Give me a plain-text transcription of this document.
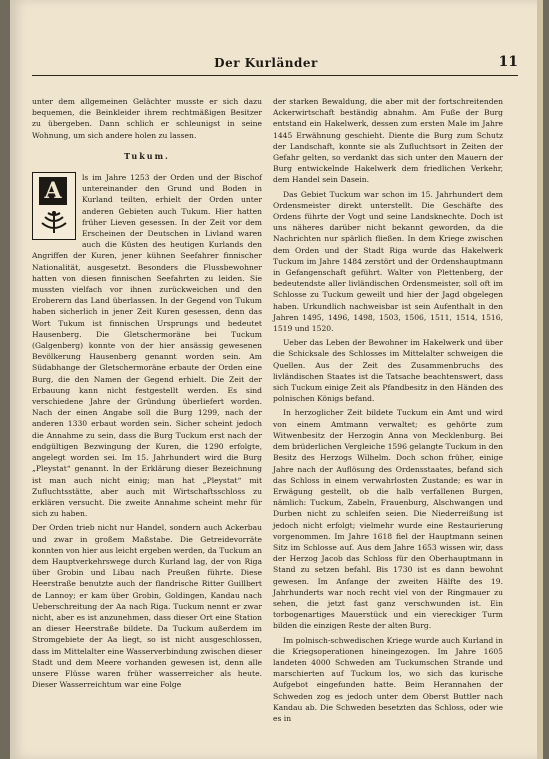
Der Kurländer	11

unter dem allgemeinen Gelächter musste er sich dazu bequemen, die Beinkleider ihrem rechtmäßigen Besitzer zu übergeben. Dann schlich er schleunigst in seine Wohnung, um sich andere holen zu lassen.

Tukum.
A

ls im Jahre 1253 der Orden und der Bischof untereinander den Grund und Boden in Kurland teilten, erhielt der Orden unter anderen Gebieten auch Tukum. Hier hatten früher Lieven gesessen. In der Zeit vor dem Erscheinen der Deutschen in Livland waren auch die Küsten des heutigen Kurlands den Angriffen der Kuren, jener kühnen Seefahrer finnischer Nationalität, ausgesetzt. Besonders die Flussbewohner hatten von diesen finnischen Seefahrten zu leiden. Sie mussten vielfach vor ihnen zurückweichen und den Eroberern das Land überlassen. In der Gegend von Tukum haben sicherlich in jener Zeit Kuren gesessen, denn das Wort Tukum ist finnischen Ursprungs und bedeutet Hausenberg. Die Gletschermoräne bei Tuckum (Galgenberg) konnte von der hier ansässig gewesenen Bevölkerung Hausenberg genannt worden sein. Am Südabhange der Gletschermoräne erbaute der Orden eine Burg, die den Namen der Gegend erhielt. Die Zeit der Erbauung kann nicht festgestellt werden. Es sind verschiedene Jahre der Gründung überliefert worden. Nach der einen Angabe soll die Burg 1299, nach der anderen 1330 erbaut worden sein. Sicher scheint jedoch die Annahme zu sein, dass die Burg Tuckum erst nach der endgültigen Bezwingung der Kuren, die 1290 erfolgte, angelegt worden sei. Im 15. Jahrhundert wird die Burg „Pleystat“ genannt. In der Erklärung dieser Bezeichnung ist man auch nicht einig; man hat „Pleystat“ mit Zufluchtsstätte, aber auch mit Wirtschaftsschloss zu erklären versucht. Die zweite Annahme scheint mehr für sich zu haben.

Der Orden trieb nicht nur Handel, sondern auch Ackerbau und zwar in großem Maßstabe. Die Getreidevorräte konnten von hier aus leicht ergeben werden, da Tuckum an dem Hauptverkehrswege durch Kurland lag, der von Riga über Grobin und Libau nach Preußen führte. Diese Heerstraße benutzte auch der flandrische Ritter Guillbert de Lannoy; er kam über Grobin, Goldingen, Kandau nach Ueberschreitung der Aa nach Riga. Tuckum nennt er zwar nicht, aber es ist anzunehmen, dass dieser Ort eine Station an dieser Heerstraße bildete. Da Tuckum außerdem im Stromgebiete der Aa liegt, so ist nicht ausgeschlossen, dass im Mittelalter eine Wasserverbindung zwischen dieser Stadt und dem Meere vorhanden gewesen ist, denn alle unsere Flüsse waren früher wasserreicher als heute. Dieser Wasserreichtum war eine Folge

der starken Bewaldung, die aber mit der fortschreitenden Ackerwirtschaft beständig abnahm. Am Fuße der Burg entstand ein Hakelwerk, dessen zum ersten Male im Jahre 1445 Erwähnung geschieht. Diente die Burg zum Schutz der Landschaft, konnte sie als Zufluchtsort in Zeiten der Gefahr gelten, so verdankt das sich unter den Mauern der Burg entwickelnde Hakelwerk dem friedlichen Verkehr, dem Handel sein Dasein.

Das Gebiet Tuckum war schon im 15. Jahrhundert dem Ordensmeister direkt unterstellt. Die Geschäfte des Ordens führte der Vogt und seine Landsknechte. Doch ist uns näheres darüber nicht bekannt geworden, da die Nachrichten nur spärlich fließen. In dem Kriege zwischen dem Orden und der Stadt Riga wurde das Hakelwerk Tuckum im Jahre 1484 zerstört und der Ordenshauptmann in Gefangenschaft geführt. Walter von Plettenberg, der bedeutendste aller livländischen Ordensmeister, soll oft im Schlosse zu Tuckum geweilt und hier der Jagd obgelegen haben. Urkundlich nachweisbar ist sein Aufenthalt in den Jahren 1495, 1496, 1498, 1503, 1506, 1511, 1514, 1516, 1519 und 1520.

Ueber das Leben der Bewohner im Hakelwerk und über die Schicksale des Schlosses im Mittelalter schweigen die Quellen. Aus der Zeit des Zusammenbruchs des livländischen Staates ist die Tatsache beachtenswert, dass sich Tuckum einige Zeit als Pfandbesitz in den Händen des polnischen Königs befand.

In herzoglicher Zeit bildete Tuckum ein Amt und wird von einem Amtmann verwaltet; es gehörte zum Witwenbesitz der Herzogin Anna von Mecklenburg. Bei dem brüderlichen Vergleiche 1596 gelangte Tuckum in den Besitz des Herzogs Wilhelm. Doch schon früher, einige Jahre nach der Auflösung des Ordensstaates, befand sich das Schloss in einem verwahrlosten Zustande; es war in Erwägung gestellt, ob die halb verfallenen Burgen, nämlich: Tuckum, Zabeln, Frauenburg, Alschwangen und Durben nicht zu schleifen seien. Die Niederreißung ist jedoch nicht erfolgt; vielmehr wurde eine Restaurierung vorgenommen. Im Jahre 1618 fiel der Hauptmann seinen Sitz im Schlosse auf. Aus dem Jahre 1653 wissen wir, dass der Herzog Jacob das Schloss für den Oberhauptmann in Stand zu setzen befahl. Bis 1730 ist es dann bewohnt gewesen. Im Anfange der zweiten Hälfte des 19. Jahrhunderts war noch recht viel von der Ringmauer zu sehen, die jetzt fast ganz verschwunden ist. Ein torbogenartiges Mauerstück und ein viereckiger Turm bilden die einzigen Reste der alten Burg.

Im polnisch-schwedischen Kriege wurde auch Kurland in die Kriegsoperationen hineingezogen. Im Jahre 1605 landeten 4000 Schweden am Tuckumschen Strande und marschierten auf Tuckum los, wo sich das kurische Aufgebot eingefunden hatte. Beim Herannahen der Schweden zog es jedoch unter dem Oberst Buttler nach Kandau ab. Die Schweden besetzten das Schloss, oder wie es in
